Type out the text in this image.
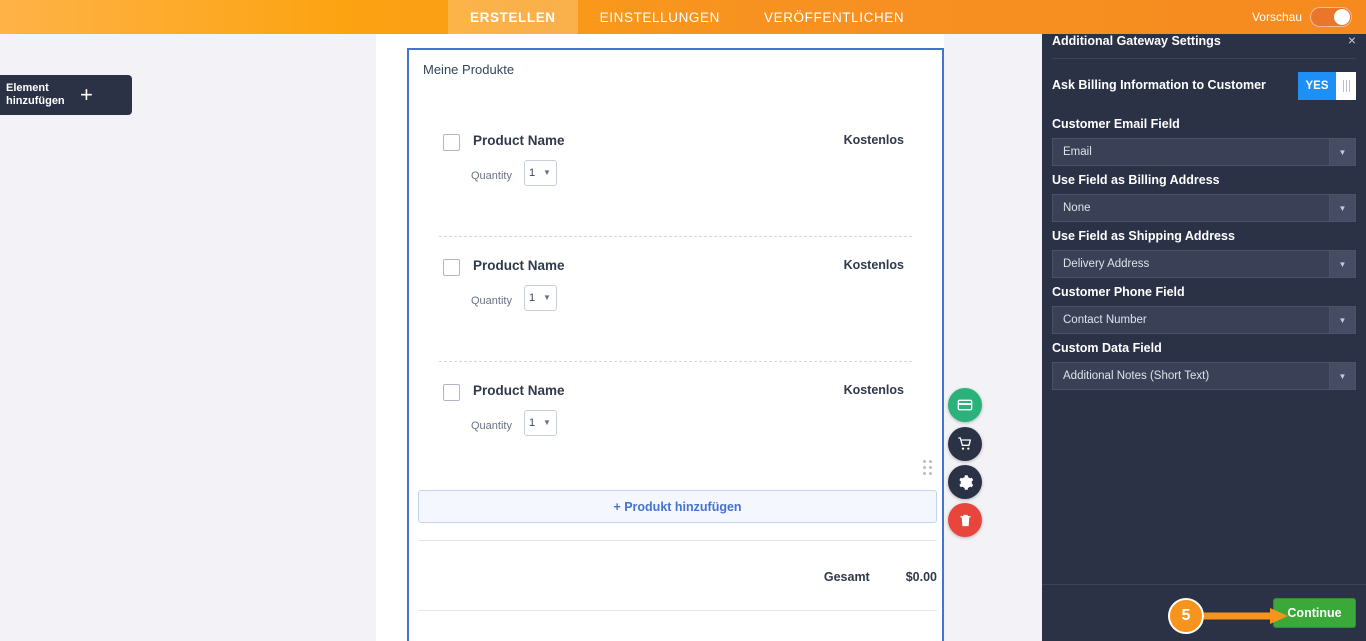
ERSTELLEN	EINSTELLUNGEN	VERÖFFENTLICHEN	Vorschau
Element
hinzufügen +
Meine Produkte
Product Name	Kostenlos
Quantity
1	▼
Product Name	Kostenlos
Quantity
1	▼
Product Name	Kostenlos
Quantity
1	▼
+ Produkt hinzufügen
Gesamt	$0.00
Additional Gateway Settings	×
Ask Billing Information to Customer	YES
Customer Email Field
Email	▼
Use Field as Billing Address
None	▼
Use Field as Shipping Address
Delivery Address	▼
Customer Phone Field
Contact Number	▼
Custom Data Field
Additional Notes (Short Text)	▼
Continue
5
